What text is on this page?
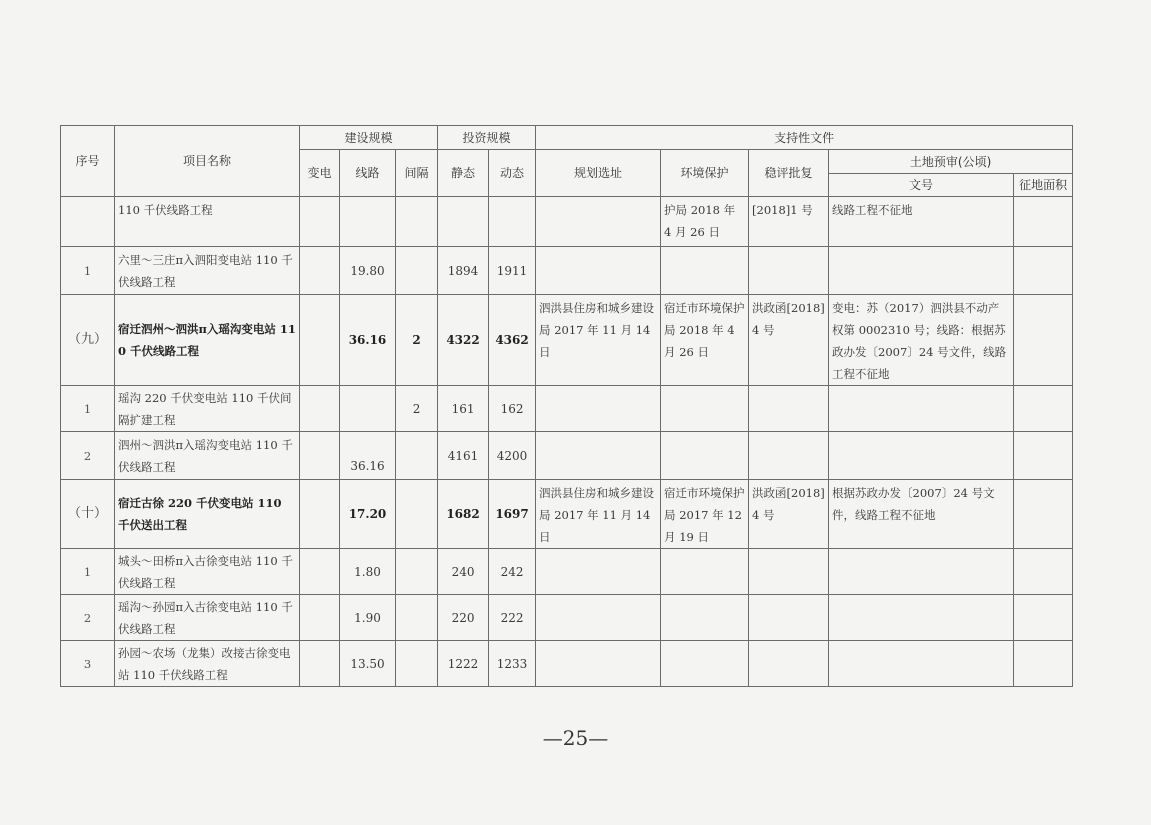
序号	项目名称	建设规模			投资规模		支持性文件				
		变电	线路	间隔	静态	动态	规划选址	环境保护	稳评批复	土地预审(公顷)	
										文号	征地面积
	110 千伏线路工程							护局 2018 年 4 月 26 日	[2018]1 号	线路工程不征地	
1	六里～三庄π入泗阳变电站 110 千伏线路工程		19.80		1894	1911					
（九）	宿迁泗州～泗洪π入瑶沟变电站 110 千伏线路工程		36.16	2	4322	4362	泗洪县住房和城乡建设局 2017 年 11 月 14 日	宿迁市环境保护局 2018 年 4 月 26 日	洪政函[2018]4 号	变电：苏（2017）泗洪县不动产权第 0002310 号；线路：根据苏政办发〔2007〕24 号文件，线路工程不征地	
1	瑶沟 220 千伏变电站 110 千伏间隔扩建工程			2	161	162					
2	泗州～泗洪π入瑶沟变电站 110 千伏线路工程		36.16		4161	4200					
（十）	宿迁古徐 220 千伏变电站 110 千伏送出工程		17.20		1682	1697	泗洪县住房和城乡建设局 2017 年 11 月 14 日	宿迁市环境保护局 2017 年 12 月 19 日	洪政函[2018]4 号	根据苏政办发〔2007〕24 号文件，线路工程不征地	
1	城头～田桥π入古徐变电站 110 千伏线路工程		1.80		240	242					
2	瑶沟～孙园π入古徐变电站 110 千伏线路工程		1.90		220	222					
3	孙园～农场（龙集）改接古徐变电站 110 千伏线路工程		13.50		1222	1233					
—25—
